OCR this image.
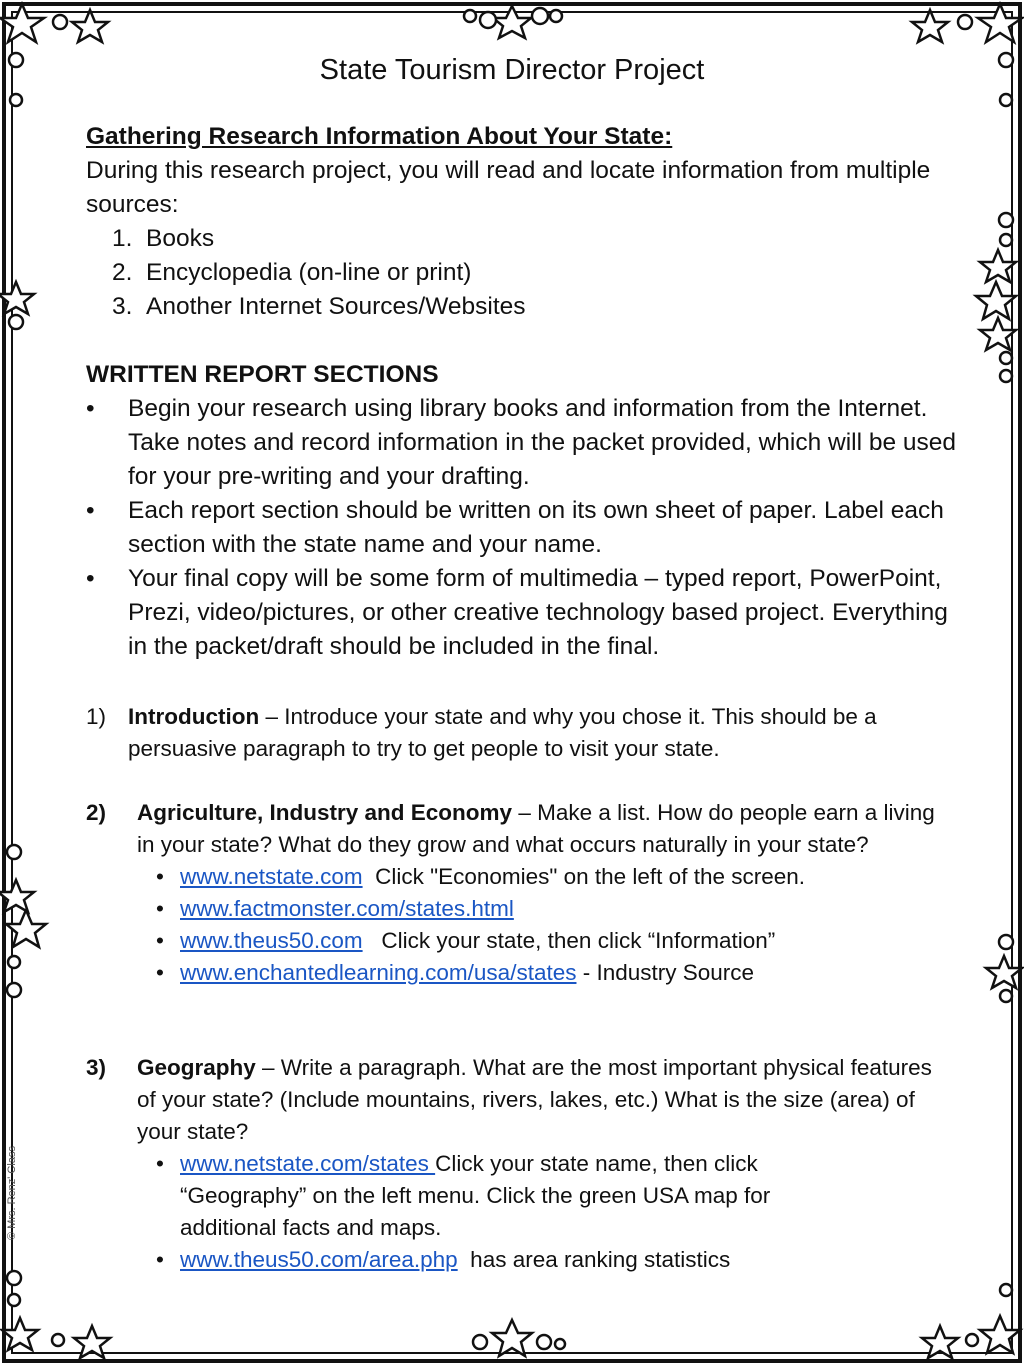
© Mrs. Renz' Class
State Tourism Director Project
Gathering Research Information About Your State:
During this research project, you will read and locate information from multiple sources:
1. Books
2. Encyclopedia (on-line or print)
3. Another Internet Sources/Websites
WRITTEN REPORT SECTIONS
• Begin your research using library books and information from the Internet. Take notes and record information in the packet provided, which will be used for your pre-writing and your drafting.
• Each report section should be written on its own sheet of paper. Label each section with the state name and your name.
• Your final copy will be some form of multimedia – typed report, PowerPoint, Prezi, video/pictures, or other creative technology based project. Everything in the packet/draft should be included in the final.
1) Introduction – Introduce your state and why you chose it. This should be a persuasive paragraph to try to get people to visit your state.
2) Agriculture, Industry and Economy – Make a list. How do people earn a living in your state? What do they grow and what occurs naturally in your state?
• www.netstate.com  Click "Economies" on the left of the screen.
• www.factmonster.com/states.html
• www.theus50.com   Click your state, then click “Information”
• www.enchantedlearning.com/usa/states - Industry Source
3) Geography – Write a paragraph. What are the most important physical features of your state? (Include mountains, rivers, lakes, etc.) What is the size (area) of your state?
• www.netstate.com/states Click your state name, then click “Geography” on the left menu. Click the green USA map for additional facts and maps.
• www.theus50.com/area.php  has area ranking statistics
